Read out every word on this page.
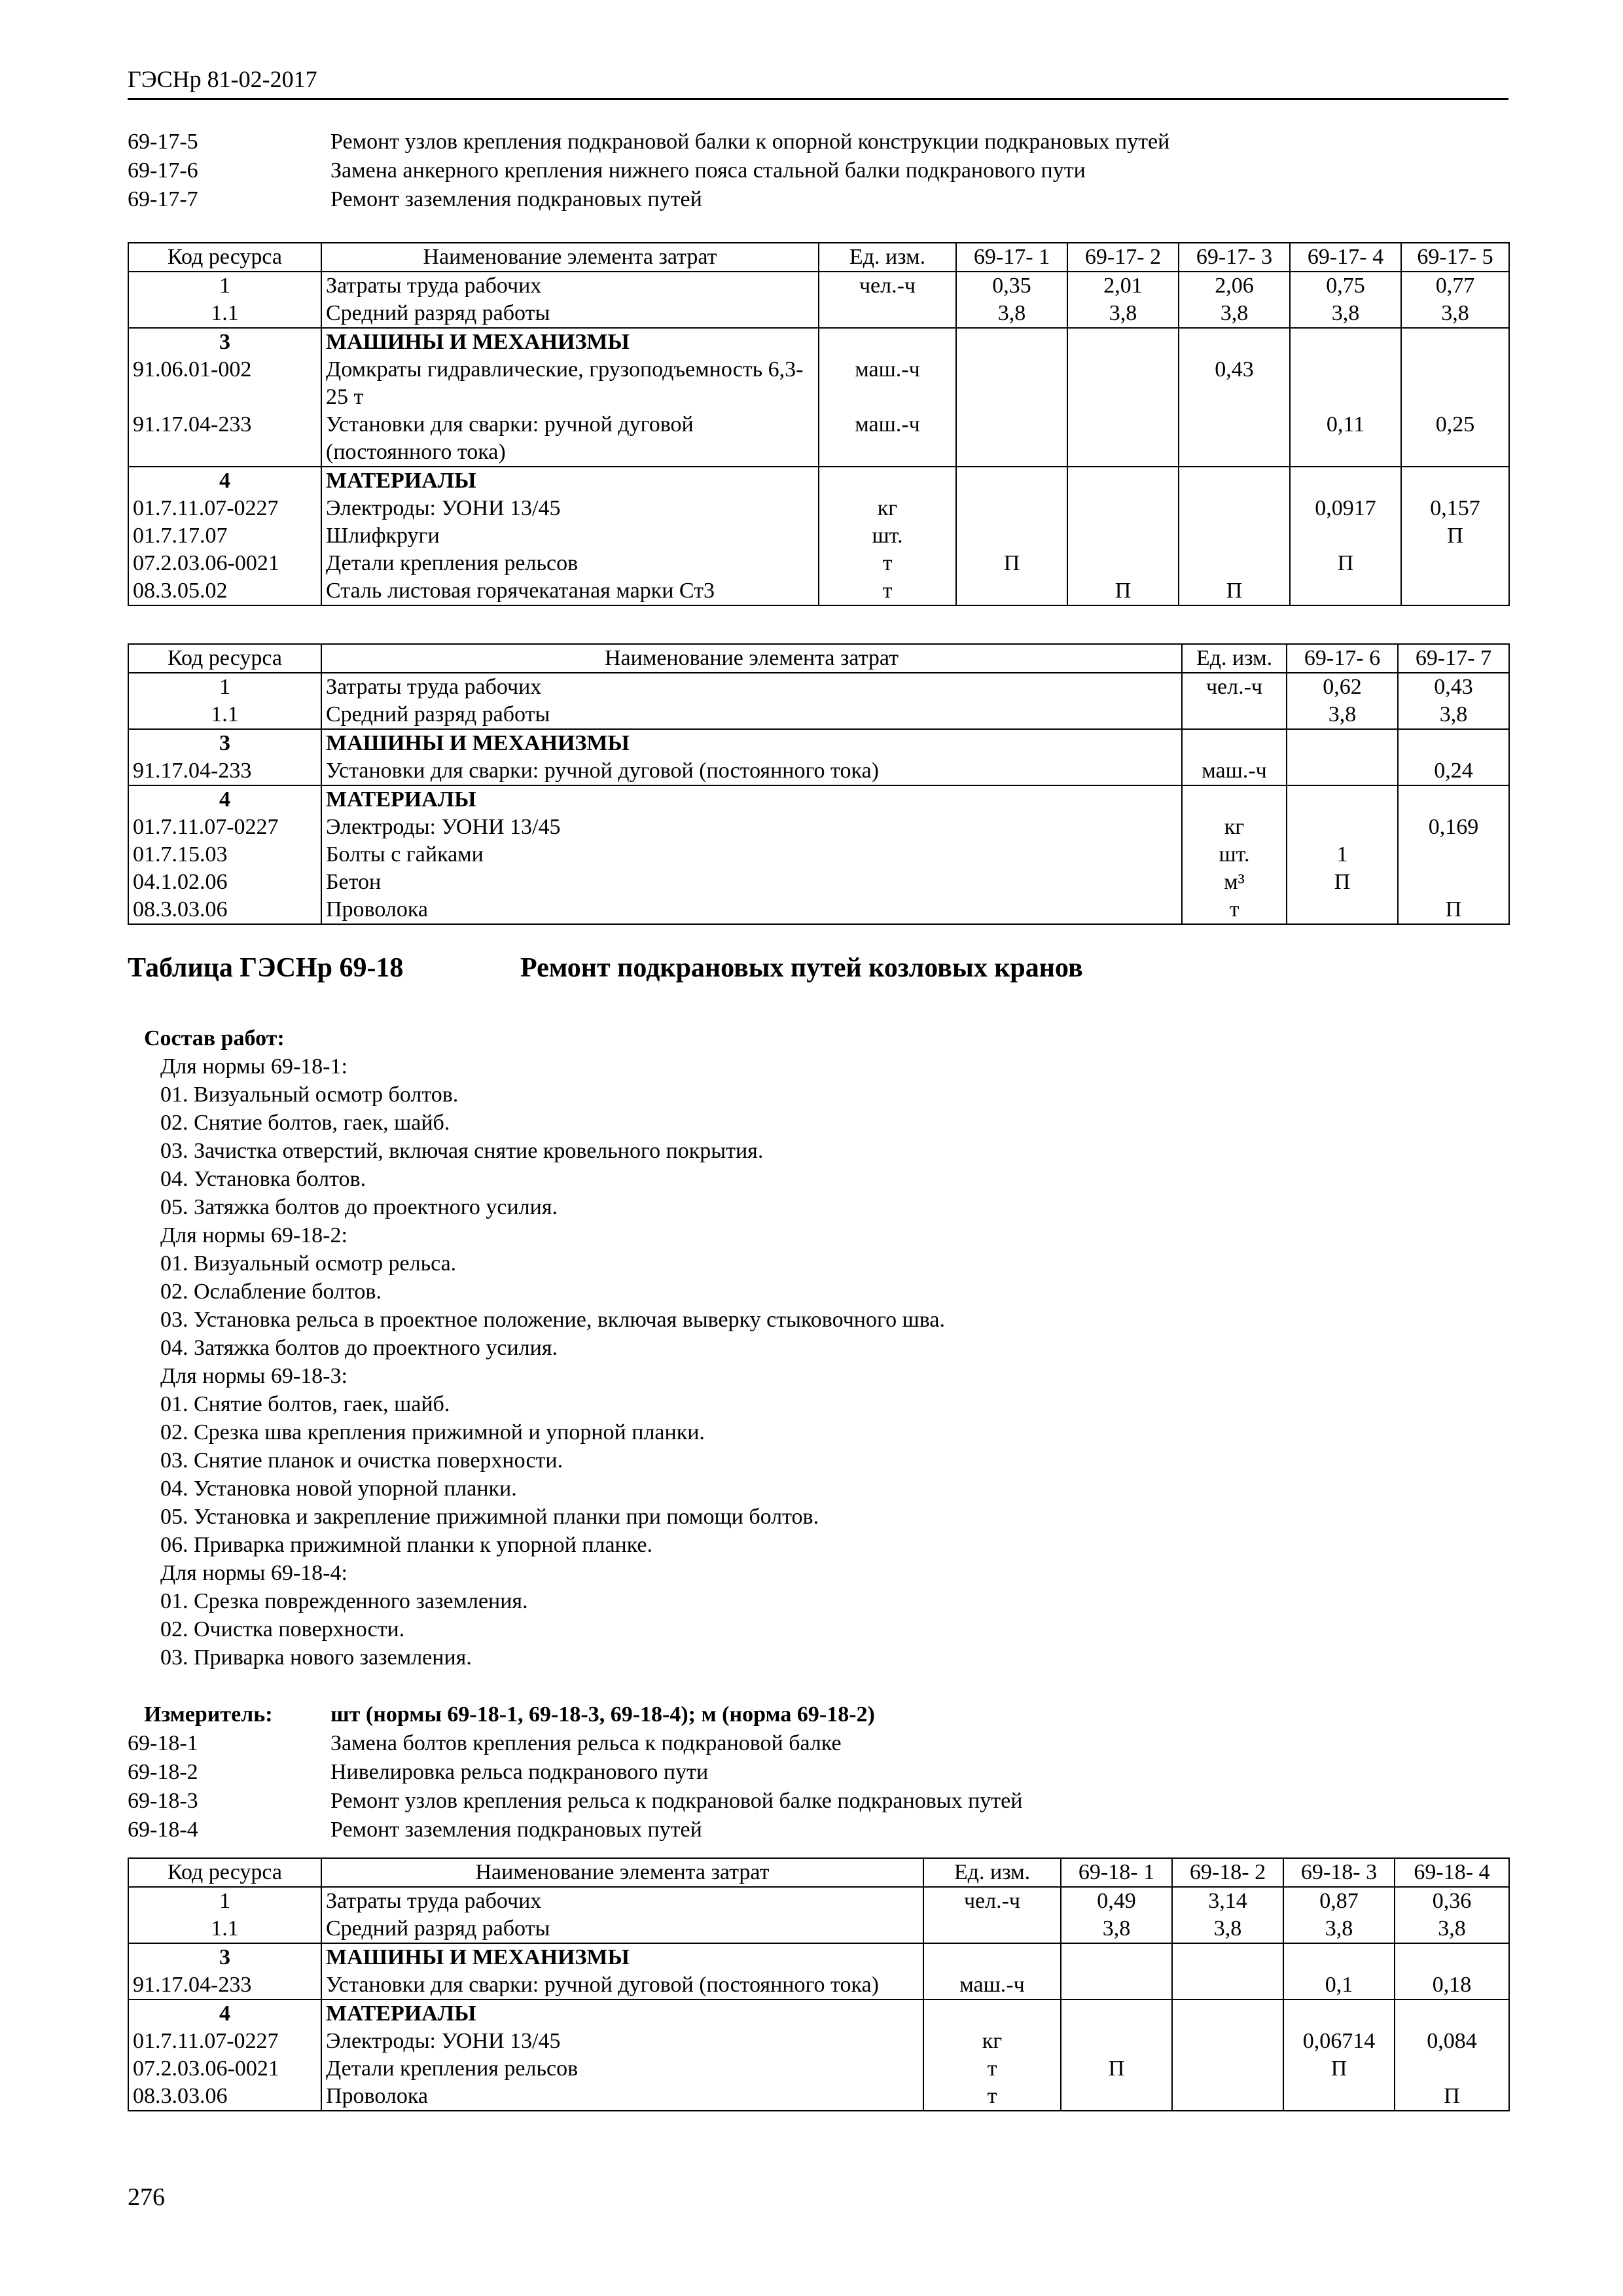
ГЭСНр 81-02-2017
69-17-5	Ремонт узлов крепления подкрановой балки к опорной конструкции подкрановых путей
69-17-6	Замена анкерного крепления нижнего пояса стальной балки подкранового пути
69-17-7	Ремонт заземления подкрановых путей
Код ресурса	Наименование элемента затрат	Ед. изм.	69-17- 1	69-17- 2	69-17- 3	69-17- 4	69-17- 5
1	Затраты труда рабочих	чел.-ч	0,35	2,01	2,06	0,75	0,77
1.1	Средний разряд работы		3,8	3,8	3,8	3,8	3,8
3	МАШИНЫ И МЕХАНИЗМЫ						
91.06.01-002	Домкраты гидравлические, грузоподъемность 6,3-25 т	маш.-ч			0,43		
91.17.04-233	Установки для сварки: ручной дуговой (постоянного тока)	маш.-ч				0,11	0,25
4	МАТЕРИАЛЫ						
01.7.11.07-0227	Электроды: УОНИ 13/45	кг				0,0917	0,157
01.7.17.07	Шлифкруги	шт.					П
07.2.03.06-0021	Детали крепления рельсов	т	П			П	
08.3.05.02	Сталь листовая горячекатаная марки Ст3	т		П	П		
Код ресурса	Наименование элемента затрат	Ед. изм.	69-17- 6	69-17- 7
1	Затраты труда рабочих	чел.-ч	0,62	0,43
1.1	Средний разряд работы		3,8	3,8
3	МАШИНЫ И МЕХАНИЗМЫ			
91.17.04-233	Установки для сварки: ручной дуговой (постоянного тока)	маш.-ч		0,24
4	МАТЕРИАЛЫ			
01.7.11.07-0227	Электроды: УОНИ 13/45	кг		0,169
01.7.15.03	Болты с гайками	шт.	1	
04.1.02.06	Бетон	м³	П	
08.3.03.06	Проволока	т		П
Таблица ГЭСНр 69-18	Ремонт подкрановых путей козловых кранов
Состав работ:
Для нормы 69-18-1:
01. Визуальный осмотр болтов.
02. Снятие болтов, гаек, шайб.
03. Зачистка отверстий, включая снятие кровельного покрытия.
04. Установка болтов.
05. Затяжка болтов до проектного усилия.
Для нормы 69-18-2:
01. Визуальный осмотр рельса.
02. Ослабление болтов.
03. Установка рельса в проектное положение, включая выверку стыковочного шва.
04. Затяжка болтов до проектного усилия.
Для нормы 69-18-3:
01. Снятие болтов, гаек, шайб.
02. Срезка шва крепления прижимной и упорной планки.
03. Снятие планок и очистка поверхности.
04. Установка новой упорной планки.
05. Установка и закрепление прижимной планки при помощи болтов.
06. Приварка прижимной планки к упорной планке.
Для нормы 69-18-4:
01. Срезка поврежденного заземления.
02. Очистка поверхности.
03. Приварка нового заземления.
Измеритель:	шт (нормы 69-18-1, 69-18-3, 69-18-4); м (норма 69-18-2)
69-18-1	Замена болтов крепления рельса к подкрановой балке
69-18-2	Нивелировка рельса подкранового пути
69-18-3	Ремонт узлов крепления рельса к подкрановой балке подкрановых путей
69-18-4	Ремонт заземления подкрановых путей
Код ресурса	Наименование элемента затрат	Ед. изм.	69-18- 1	69-18- 2	69-18- 3	69-18- 4
1	Затраты труда рабочих	чел.-ч	0,49	3,14	0,87	0,36
1.1	Средний разряд работы		3,8	3,8	3,8	3,8
3	МАШИНЫ И МЕХАНИЗМЫ					
91.17.04-233	Установки для сварки: ручной дуговой (постоянного тока)	маш.-ч			0,1	0,18
4	МАТЕРИАЛЫ					
01.7.11.07-0227	Электроды: УОНИ 13/45	кг			0,06714	0,084
07.2.03.06-0021	Детали крепления рельсов	т	П		П	
08.3.03.06	Проволока	т				П
276
